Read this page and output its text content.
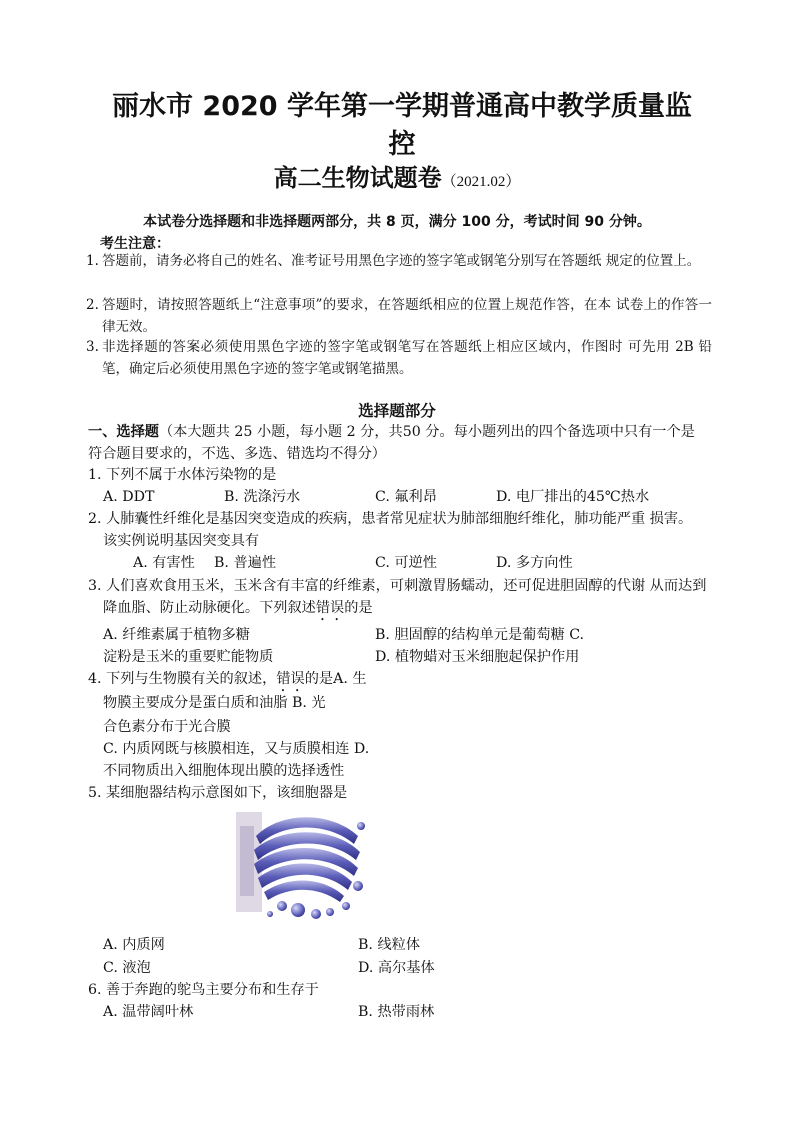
丽水市 2020 学年第一学期普通高中教学质量监
控
高二生物试题卷（2021.02）
本试卷分选择题和非选择题两部分，共 8 页，满分 100 分，考试时间 90 分钟。
考生注意：
1. 答题前，请务必将自己的姓名、准考证号用黑色字迹的签字笔或钢笔分别写在答题纸 规定的位置上。
2. 答题时，请按照答题纸上“注意事项”的要求，在答题纸相应的位置上规范作答，在本 试卷上的作答一律无效。
3. 非选择题的答案必须使用黑色字迹的签字笔或钢笔写在答题纸上相应区域内，作图时 可先用 2B 铅笔，确定后必须使用黑色字迹的签字笔或钢笔描黑。
选择题部分
一、选择题（本大题共 25 小题，每小题 2 分，共50 分。每小题列出的四个备选项中只有一个是
符合题目要求的，不选、多选、错选均不得分）
1. 下列不属于水体污染物的是
A. DDT	B. 洗涤污水	C. 氟利昂	D. 电厂排出的45℃热水
2. 人肺囊性纤维化是基因突变造成的疾病，患者常见症状为肺部细胞纤维化，肺功能严重 损害。
该实例说明基因突变具有
A. 有害性 B. 普遍性	C. 可逆性	D. 多方向性
3. 人们喜欢食用玉米，玉米含有丰富的纤维素，可刺激胃肠蠕动，还可促进胆固醇的代谢 从而达到
降血脂、防止动脉硬化。下列叙述错误的是
A. 纤维素属于植物多糖	B. 胆固醇的结构单元是葡萄糖 C.
淀粉是玉米的重要贮能物质	D. 植物蜡对玉米细胞起保护作用
4. 下列与生物膜有关的叙述，错误的是A. 生
物膜主要成分是蛋白质和油脂 B. 光
合色素分布于光合膜
C. 内质网既与核膜相连，又与质膜相连 D.
不同物质出入细胞体现出膜的选择透性
5. 某细胞器结构示意图如下，该细胞器是
A. 内质网	B. 线粒体
C. 液泡	D. 高尔基体
6. 善于奔跑的鸵鸟主要分布和生存于
A. 温带阔叶林	B. 热带雨林
